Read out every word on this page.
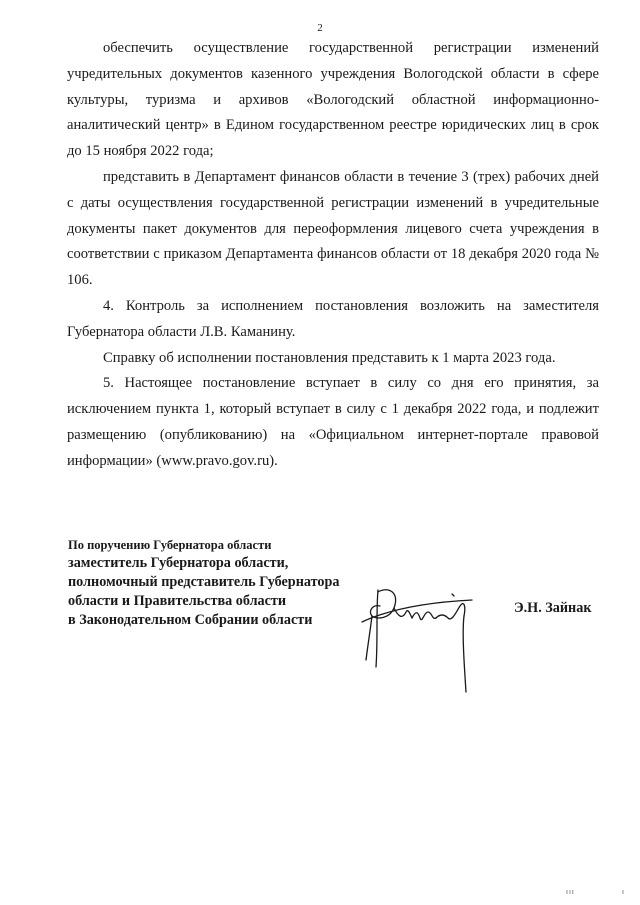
2

обеспечить осуществление государственной регистрации изменений учредительных документов казенного учреждения Вологодской области в сфере культуры, туризма и архивов «Вологодский областной информационно-аналитический центр» в Едином государственном реестре юридических лиц в срок до 15 ноября 2022 года;

представить в Департамент финансов области в течение 3 (трех) рабочих дней с даты осуществления государственной регистрации изменений в учредительные документы пакет документов для переоформления лицевого счета учреждения в соответствии с приказом Департамента финансов области от 18 декабря 2020 года № 106.

4. Контроль за исполнением постановления возложить на заместителя Губернатора области Л.В. Каманину.

Справку об исполнении постановления представить к 1 марта 2023 года.

5. Настоящее постановление вступает в силу со дня его принятия, за исключением пункта 1, который вступает в силу с 1 декабря 2022 года, и подлежит размещению (опубликованию) на «Официальном интернет-портале правовой информации» (www.pravo.gov.ru).

По поручению Губернатора области
заместитель Губернатора области,
полномочный представитель Губернатора
области и Правительства области
в Законодательном Собрании области
Э.Н. Зайнак
ııı	ı
